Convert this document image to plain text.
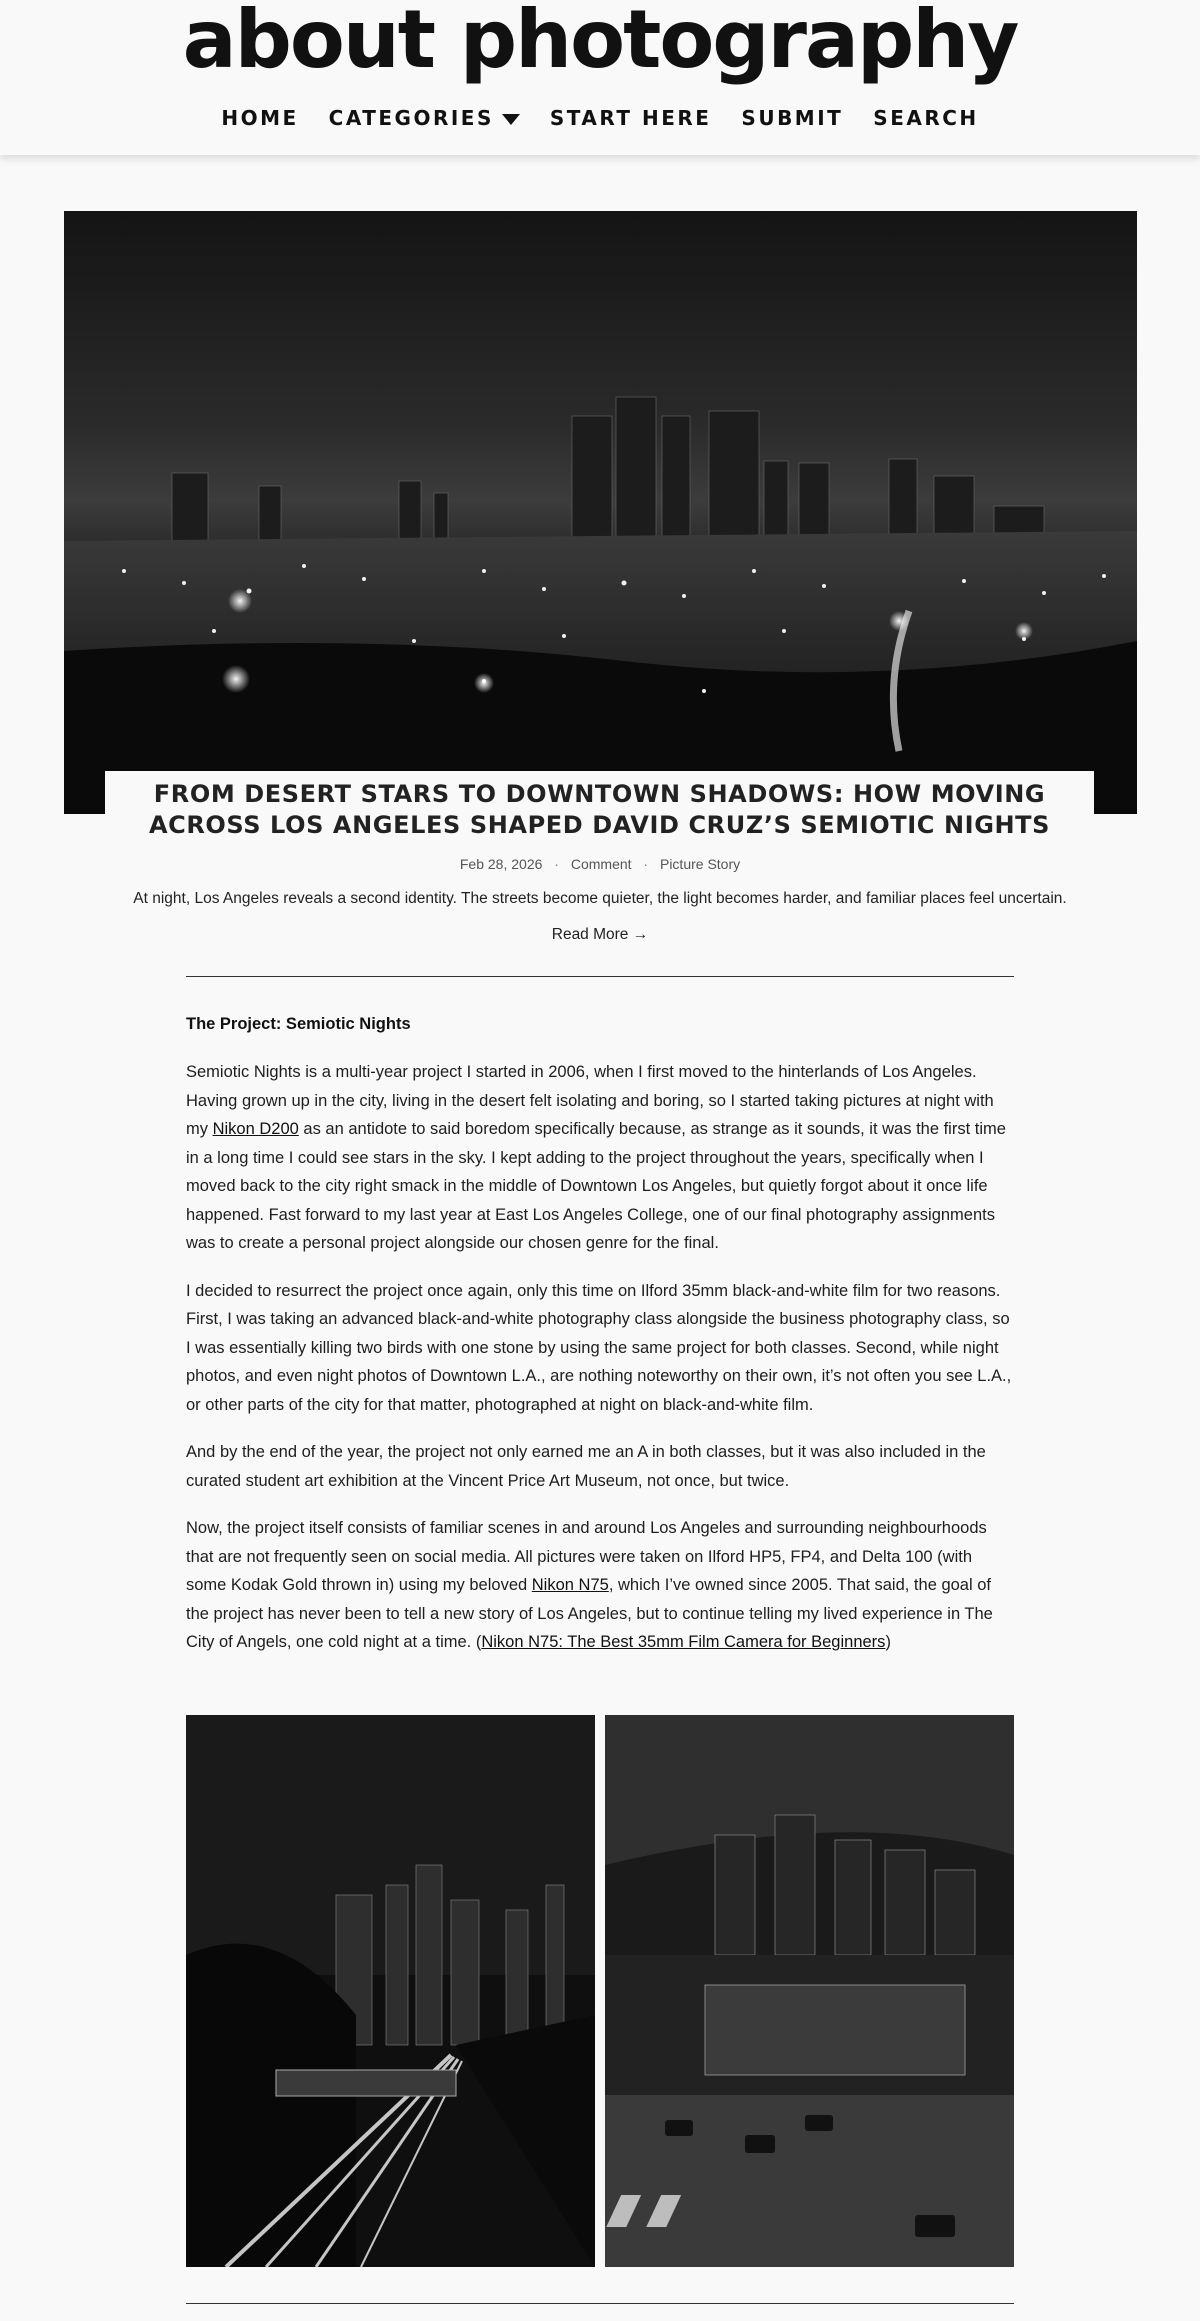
about photography
HOME CATEGORIES	START HERE SUBMIT SEARCH
FROM DESERT STARS TO DOWNTOWN SHADOWS: HOW MOVING ACROSS LOS ANGELES SHAPED DAVID CRUZ’S SEMIOTIC NIGHTS
Feb 28, 2026 · Comment · Picture Story

At night, Los Angeles reveals a second identity. The streets become quieter, the light becomes harder, and familiar places feel uncertain.

Read More →
The Project: Semiotic Nights

Semiotic Nights is a multi-year project I started in 2006, when I first moved to the hinterlands of Los Angeles. Having grown up in the city, living in the desert felt isolating and boring, so I started taking pictures at night with my Nikon D200 as an antidote to said boredom specifically because, as strange as it sounds, it was the first time in a long time I could see stars in the sky. I kept adding to the project throughout the years, specifically when I moved back to the city right smack in the middle of Downtown Los Angeles, but quietly forgot about it once life happened. Fast forward to my last year at East Los Angeles College, one of our final photography assignments was to create a personal project alongside our chosen genre for the final.

I decided to resurrect the project once again, only this time on Ilford 35mm black-and-white film for two reasons. First, I was taking an advanced black-and-white photography class alongside the business photography class, so I was essentially killing two birds with one stone by using the same project for both classes. Second, while night photos, and even night photos of Downtown L.A., are nothing noteworthy on their own, it’s not often you see L.A., or other parts of the city for that matter, photographed at night on black-and-white film.

And by the end of the year, the project not only earned me an A in both classes, but it was also included in the curated student art exhibition at the Vincent Price Art Museum, not once, but twice.

Now, the project itself consists of familiar scenes in and around Los Angeles and surrounding neighbourhoods that are not frequently seen on social media. All pictures were taken on Ilford HP5, FP4, and Delta 100 (with some Kodak Gold thrown in) using my beloved Nikon N75, which I’ve owned since 2005. That said, the goal of the project has never been to tell a new story of Los Angeles, but to continue telling my lived experience in The City of Angels, one cold night at a time. (Nikon N75: The Best 35mm Film Camera for Beginners)
